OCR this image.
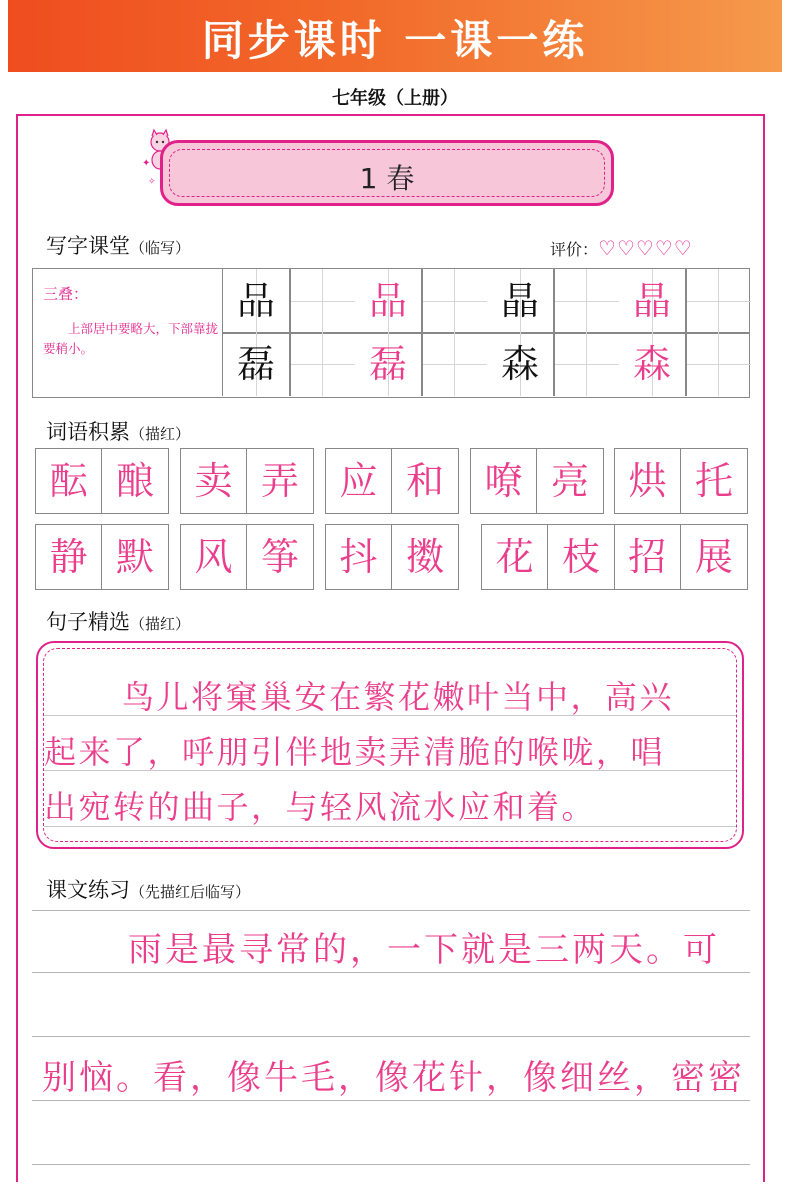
同步课时 一课一练
七年级（上册）
✦
✧	1 春
写字课堂（临写）	评价：♡♡♡♡♡
三叠：
上部居中要略大，下部靠拢要稍小。
品	品	晶	晶
磊	磊	森	森
词语积累（描红）
酝 酿	卖 弄	应 和	嘹 亮	烘 托
静 默	风 筝	抖 擞	花 枝 招 展
句子精选（描红）
鸟儿将窠巢安在繁花嫩叶当中，高兴
起来了，呼朋引伴地卖弄清脆的喉咙，唱
出宛转的曲子，与轻风流水应和着。
课文练习（先描红后临写）
雨是最寻常的，一下就是三两天。可
别恼。看，像牛毛，像花针，像细丝，密密
